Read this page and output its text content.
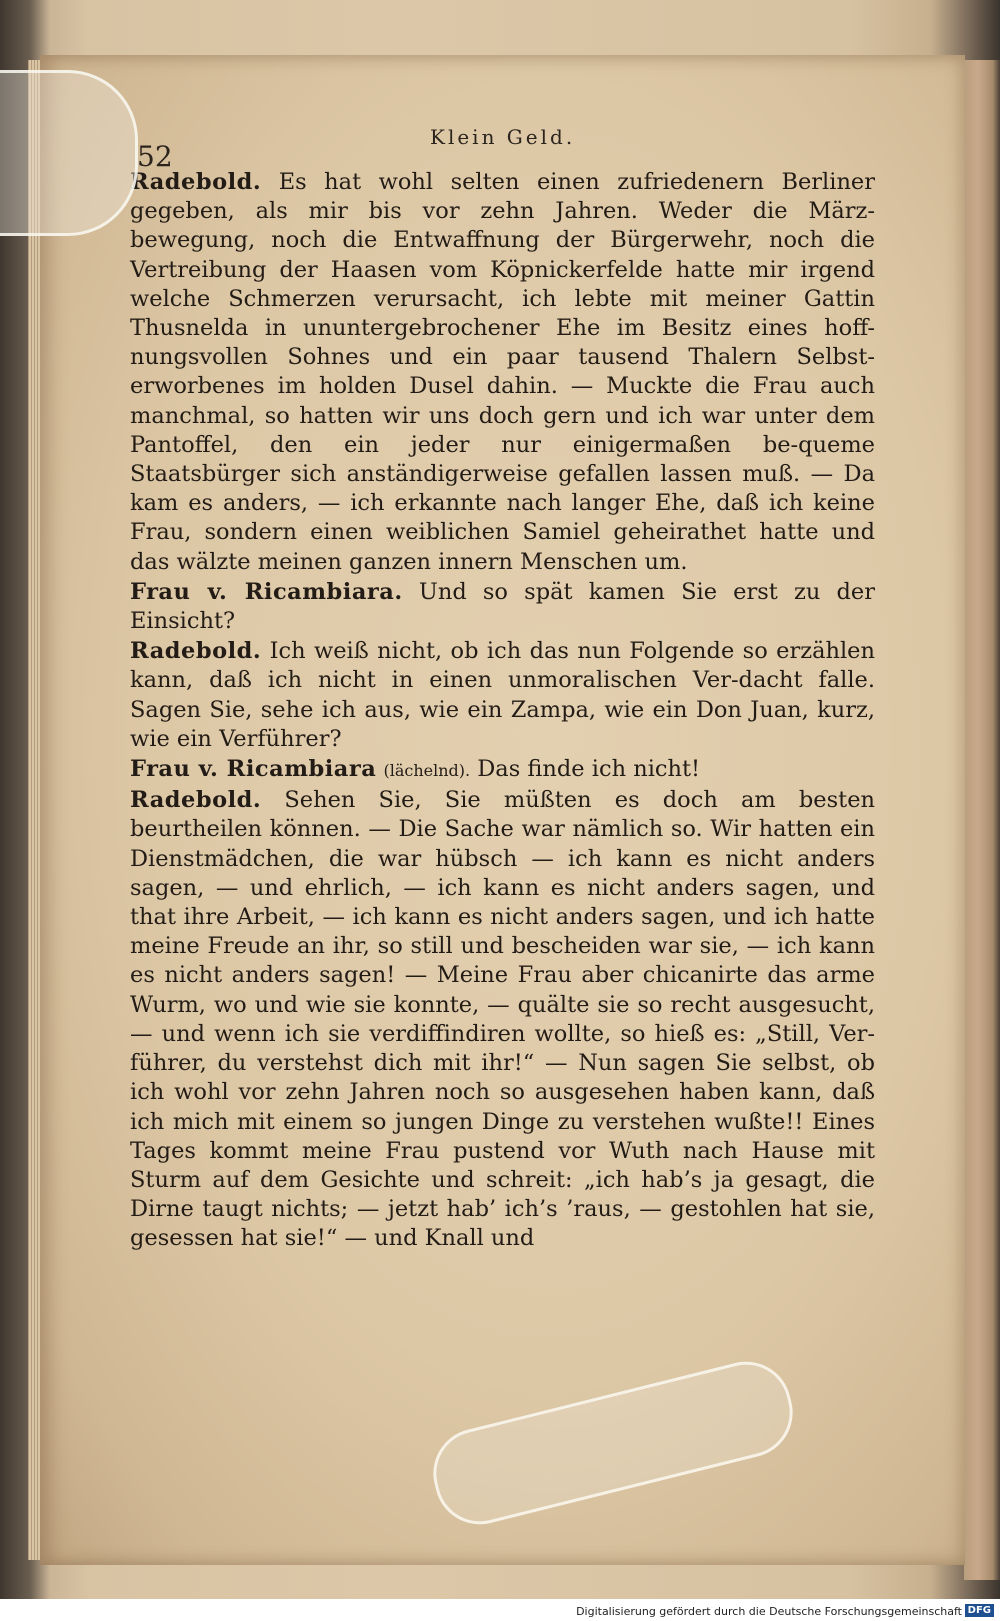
52
Klein Geld.

Radebold. Es hat wohl selten einen zufriedenern Berliner gegeben, als mir bis vor zehn Jahren. Weder die März-bewegung, noch die Entwaffnung der Bürgerwehr, noch die Vertreibung der Haasen vom Köpnickerfelde hatte mir irgend welche Schmerzen verursacht, ich lebte mit meiner Gattin Thusnelda in ununtergebrochener Ehe im Besitz eines hoff-nungsvollen Sohnes und ein paar tausend Thalern Selbst-erworbenes im holden Dusel dahin. — Muckte die Frau auch manchmal, so hatten wir uns doch gern und ich war unter dem Pantoffel, den ein jeder nur einigermaßen be-queme Staatsbürger sich anständigerweise gefallen lassen muß. — Da kam es anders, — ich erkannte nach langer Ehe, daß ich keine Frau, sondern einen weiblichen Samiel geheirathet hatte und das wälzte meinen ganzen innern Menschen um.

Frau v. Ricambiara. Und so spät kamen Sie erst zu der Einsicht?

Radebold. Ich weiß nicht, ob ich das nun Folgende so erzählen kann, daß ich nicht in einen unmoralischen Ver-dacht falle. Sagen Sie, sehe ich aus, wie ein Zampa, wie ein Don Juan, kurz, wie ein Verführer?

Frau v. Ricambiara (lächelnd). Das finde ich nicht!

Radebold. Sehen Sie, Sie müßten es doch am besten beurtheilen können. — Die Sache war nämlich so. Wir hatten ein Dienstmädchen, die war hübsch — ich kann es nicht anders sagen, — und ehrlich, — ich kann es nicht anders sagen, und that ihre Arbeit, — ich kann es nicht anders sagen, und ich hatte meine Freude an ihr, so still und bescheiden war sie, — ich kann es nicht anders sagen! — Meine Frau aber chicanirte das arme Wurm, wo und wie sie konnte, — quälte sie so recht ausgesucht, — und wenn ich sie verdiffindiren wollte, so hieß es: „Still, Ver-führer, du verstehst dich mit ihr!“ — Nun sagen Sie selbst, ob ich wohl vor zehn Jahren noch so ausgesehen haben kann, daß ich mich mit einem so jungen Dinge zu verstehen wußte!! Eines Tages kommt meine Frau pustend vor Wuth nach Hause mit Sturm auf dem Gesichte und schreit: „ich hab’s ja gesagt, die Dirne taugt nichts; — jetzt hab’ ich’s ’raus, — gestohlen hat sie, gesessen hat sie!“ — und Knall und

Digitalisierung gefördert durch die Deutsche Forschungsgemeinschaft DFG
